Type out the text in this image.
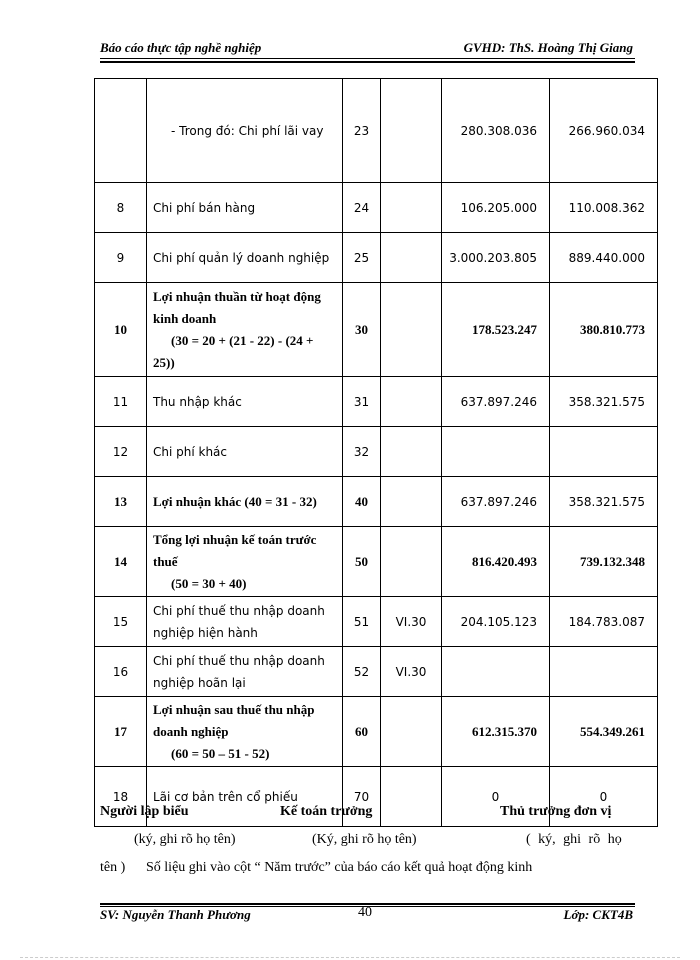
Báo cáo thực tập nghề nghiệp	GVHD: ThS. Hoàng Thị Giang
	- Trong đó: Chi phí lãi vay	23		280.308.036	266.960.034
8	Chi phí bán hàng	24		106.205.000	110.008.362
9	Chi phí quản lý doanh nghiệp	25		3.000.203.805	889.440.000
10	Lợi nhuận thuần từ hoạt động
kinh doanh
(30 = 20 + (21 - 22) - (24 +
25))	30		178.523.247	380.810.773
11	Thu nhập khác	31		637.897.246	358.321.575
12	Chi phí khác	32			
13	Lợi nhuận khác (40 = 31 - 32)	40		637.897.246	358.321.575
14	Tổng lợi nhuận kế toán trước
thuế
(50 = 30 + 40)	50		816.420.493	739.132.348
15	Chi phí thuế thu nhập doanh
nghiệp hiện hành	51	VI.30	204.105.123	184.783.087
16	Chi phí thuế thu nhập doanh
nghiệp hoãn lại	52	VI.30		
17	Lợi nhuận sau thuế thu nhập
doanh nghiệp
(60 = 50 – 51 - 52)	60		612.315.370	554.349.261
18	Lãi cơ bản trên cổ phiếu	70		0	0
Người lập biểu	Kế toán trưởng	Thủ trưởng đơn vị
(ký, ghi rõ họ tên)	(Ký, ghi rõ họ tên)	( ký, ghi rõ họ
tên ) Số liệu ghi vào cột “ Năm trước” của báo cáo kết quả hoạt động kinh
SV: Nguyễn Thanh Phương	40	Lớp: CKT4B
